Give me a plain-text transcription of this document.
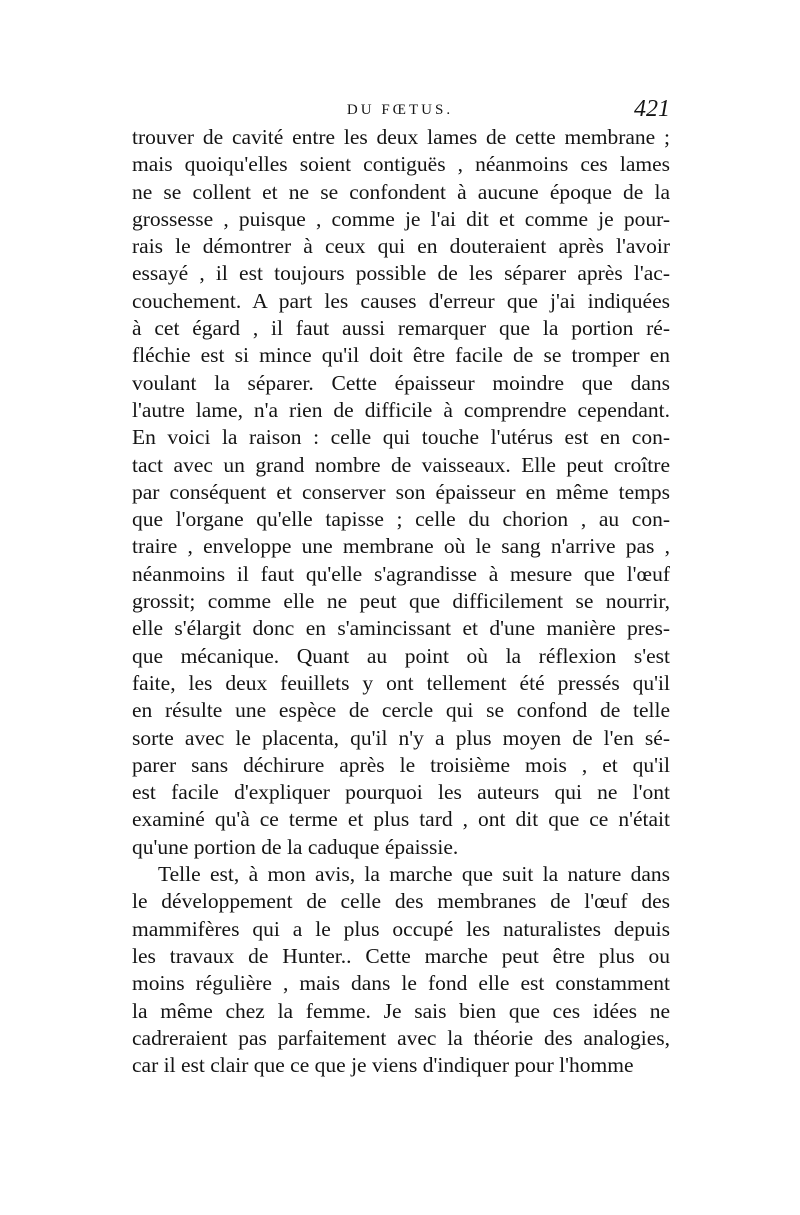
DU FŒTUS.	421
trouver de cavité entre les deux lames de cette membrane ;
mais quoiqu'elles soient contiguës , néanmoins ces lames
ne se collent et ne se confondent à aucune époque de la
grossesse , puisque , comme je l'ai dit et comme je pour-
rais le démontrer à ceux qui en douteraient après l'avoir
essayé , il est toujours possible de les séparer après l'ac-
couchement. A part les causes d'erreur que j'ai indiquées
à cet égard , il faut aussi remarquer que la portion ré-
fléchie est si mince qu'il doit être facile de se tromper en
voulant la séparer. Cette épaisseur moindre que dans
l'autre lame, n'a rien de difficile à comprendre cependant.
En voici la raison : celle qui touche l'utérus est en con-
tact avec un grand nombre de vaisseaux. Elle peut croître
par conséquent et conserver son épaisseur en même temps
que l'organe qu'elle tapisse ; celle du chorion , au con-
traire , enveloppe une membrane où le sang n'arrive pas ,
néanmoins il faut qu'elle s'agrandisse à mesure que l'œuf
grossit; comme elle ne peut que difficilement se nourrir,
elle s'élargit donc en s'amincissant et d'une manière pres-
que mécanique. Quant au point où la réflexion s'est
faite, les deux feuillets y ont tellement été pressés qu'il
en résulte une espèce de cercle qui se confond de telle
sorte avec le placenta, qu'il n'y a plus moyen de l'en sé-
parer sans déchirure après le troisième mois , et qu'il
est facile d'expliquer pourquoi les auteurs qui ne l'ont
examiné qu'à ce terme et plus tard , ont dit que ce n'était
qu'une portion de la caduque épaissie.
Telle est, à mon avis, la marche que suit la nature dans
le développement de celle des membranes de l'œuf des
mammifères qui a le plus occupé les naturalistes depuis
les travaux de Hunter.. Cette marche peut être plus ou
moins régulière , mais dans le fond elle est constamment
la même chez la femme. Je sais bien que ces idées ne
cadreraient pas parfaitement avec la théorie des analogies,
car il est clair que ce que je viens d'indiquer pour l'homme
